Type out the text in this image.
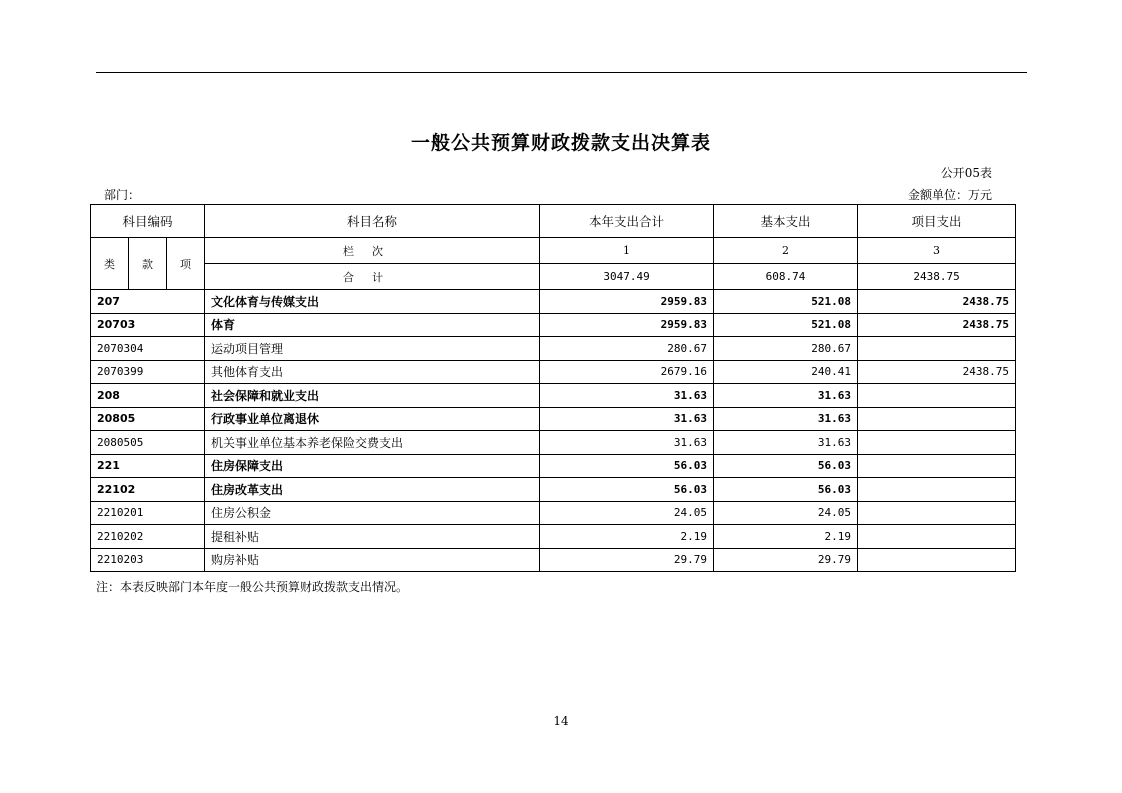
一般公共预算财政拨款支出决算表
公开05表
部门：	金额单位：万元
科目编码			科目名称	本年支出合计	基本支出	项目支出
类	款	项	栏次	1	2	3
			合计	3047.49	608.74	2438.75
207			文化体育与传媒支出	2959.83	521.08	2438.75
20703			体育	2959.83	521.08	2438.75
2070304			运动项目管理	280.67	280.67	
2070399			其他体育支出	2679.16	240.41	2438.75
208			社会保障和就业支出	31.63	31.63	
20805			行政事业单位离退休	31.63	31.63	
2080505			机关事业单位基本养老保险交费支出	31.63	31.63	
221			住房保障支出	56.03	56.03	
22102			住房改革支出	56.03	56.03	
2210201			住房公积金	24.05	24.05	
2210202			提租补贴	2.19	2.19	
2210203			购房补贴	29.79	29.79	
注：本表反映部门本年度一般公共预算财政拨款支出情况。
14
